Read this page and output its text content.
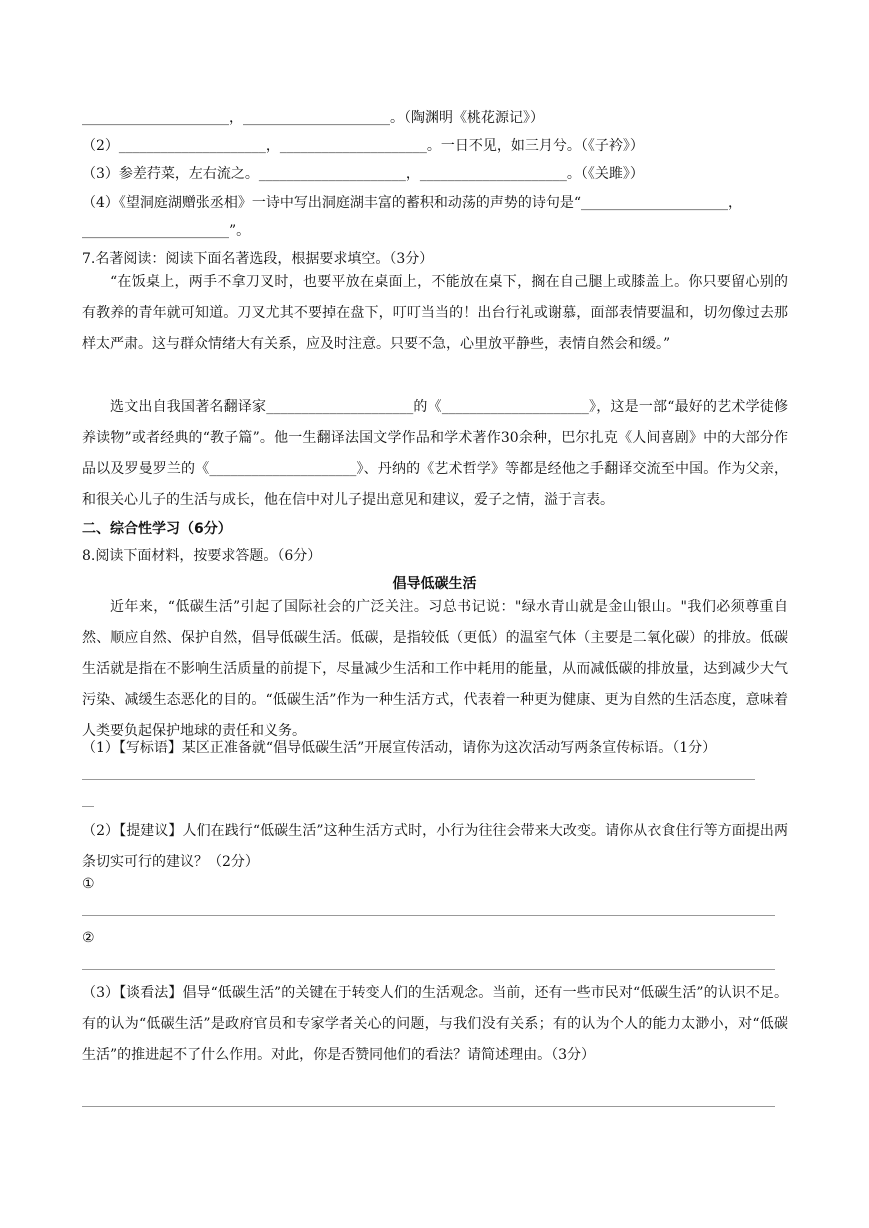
_____________________，_____________________。（陶渊明《桃花源记》）
（2）_____________________，_____________________。一日不见，如三月兮。（《子衿》）
（3）参差荇菜，左右流之。_____________________，_____________________。（《关雎》）
（4）《望洞庭湖赠张丞相》一诗中写出洞庭湖丰富的蓄积和动荡的声势的诗句是“_____________________，
_____________________”。
7.名著阅读：阅读下面名著选段，根据要求填空。（3分）
“在饭桌上，两手不拿刀叉时，也要平放在桌面上，不能放在桌下，搁在自己腿上或膝盖上。你只要留心别的有教养的青年就可知道。刀叉尤其不要掉在盘下，叮叮当当的！出台行礼或谢慕，面部表情要温和，切勿像过去那样太严肃。这与群众情绪大有关系，应及时注意。只要不急，心里放平静些，表情自然会和缓。”
选文出自我国著名翻译家_____________________的《_____________________》，这是一部“最好的艺术学徒修养读物”或者经典的“教子篇”。他一生翻译法国文学作品和学术著作30余种，巴尔扎克《人间喜剧》中的大部分作品以及罗曼罗兰的《_____________________》、丹纳的《艺术哲学》等都是经他之手翻译交流至中国。作为父亲，和很关心儿子的生活与成长，他在信中对儿子提出意见和建议，爱子之情，溢于言表。
二、综合性学习（6分）
8.阅读下面材料，按要求答题。（6分）
倡导低碳生活
近年来，“低碳生活”引起了国际社会的广泛关注。习总书记说："绿水青山就是金山银山。"我们必须尊重自然、顺应自然、保护自然，倡导低碳生活。低碳，是指较低（更低）的温室气体（主要是二氧化碳）的排放。低碳生活就是指在不影响生活质量的前提下，尽量减少生活和工作中耗用的能量，从而减低碳的排放量，达到减少大气污染、减缓生态恶化的目的。“低碳生活”作为一种生活方式，代表着一种更为健康、更为自然的生活态度，意味着人类要负起保护地球的责任和义务。
（1）【写标语】某区正准备就“倡导低碳生活”开展宣传活动，请你为这次活动写两条宣传标语。（1分）
（2）【提建议】人们在践行“低碳生活”这种生活方式时，小行为往往会带来大改变。请你从衣食住行等方面提出两条切实可行的建议？（2分）
①
②
（3）【谈看法】倡导“低碳生活”的关键在于转变人们的生活观念。当前，还有一些市民对“低碳生活”的认识不足。有的认为“低碳生活”是政府官员和专家学者关心的问题，与我们没有关系；有的认为个人的能力太渺小，对“低碳生活”的推进起不了什么作用。对此，你是否赞同他们的看法？请简述理由。（3分）
